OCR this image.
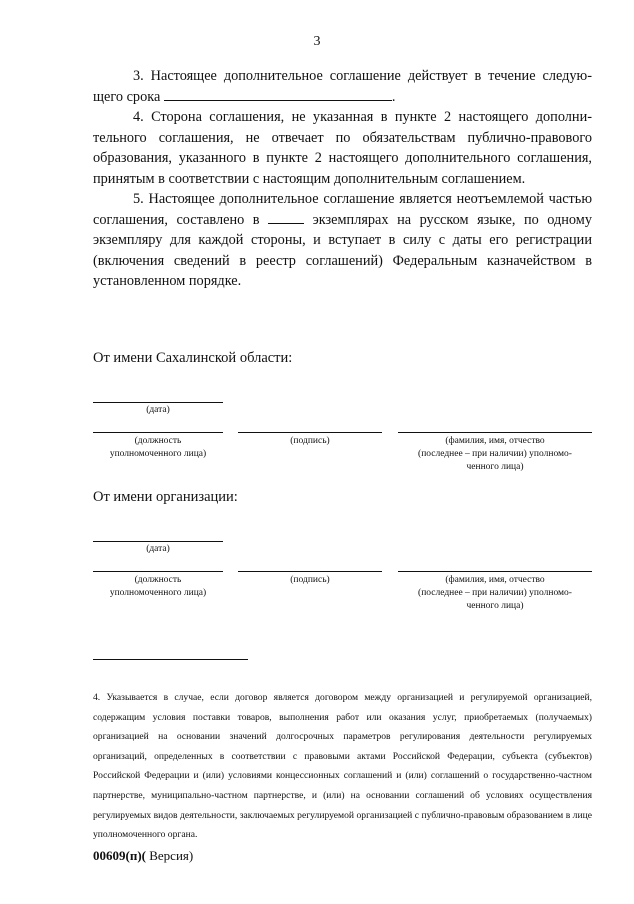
3

3. Настоящее дополнительное соглашение действует в течение следующего срока	.

4. Сторона соглашения, не указанная в пункте 2 настоящего дополнительного соглашения, не отвечает по обязательствам публично-правового образования, указанного в пункте 2 настоящего дополнительного соглашения, принятым в соответствии с настоящим дополнительным соглашением.

5. Настоящее дополнительное соглашение является неотъемлемой частью соглашения, составлено в	экземплярах на русском языке, по одному экземпляру для каждой стороны, и вступает в силу с даты его регистрации (включения сведений в реестр соглашений) Федеральным казначейством в установленном порядке.

От имени Сахалинской области:
(дата)
(должность
уполномоченного лица)
(подпись)	(фамилия, имя, отчество
(последнее – при наличии) уполномо-
ченного лица)
От имени организации:
(дата)
(должность
уполномоченного лица)
(подпись)	(фамилия, имя, отчество
(последнее – при наличии) уполномо-
ченного лица)
4. Указывается в случае, если договор является договором между организацией и регулируемой организацией, содержащим условия поставки товаров, выполнения работ или оказания услуг, приобретаемых (получаемых) организацией на основании значений долгосрочных параметров регулирования деятельности регулируемых организаций, определенных в соответствии с правовыми актами Российской Федерации, субъекта (субъектов) Российской Федерации и (или) условиями концессионных соглашений и (или) соглашений о государственно-частном партнерстве, муниципально-частном партнерстве, и (или) на основании соглашений об условиях осуществления регулируемых видов деятельности, заключаемых регулируемой организацией с публично-правовым образованием в лице уполномоченного органа.
00609(п)( Версия)
